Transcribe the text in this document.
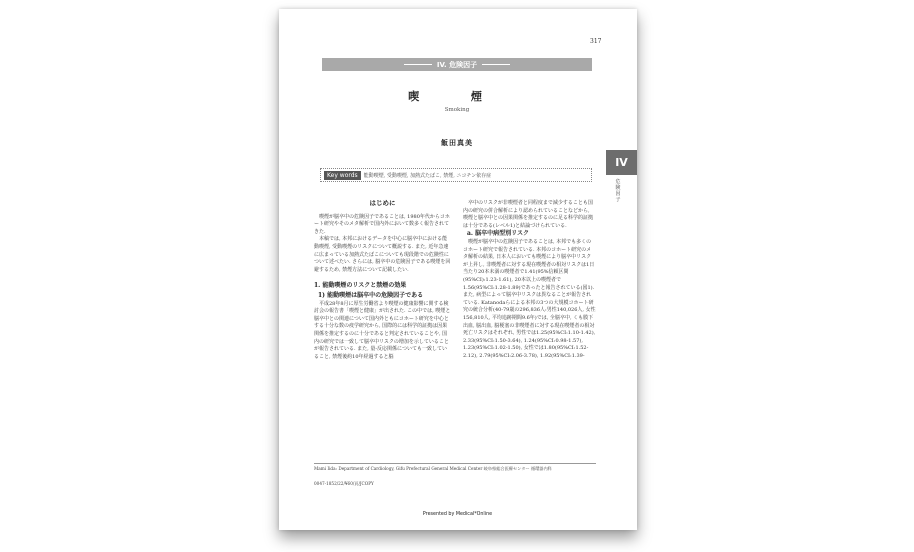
317
IV. 危険因子
喫 煙
Smoking
飯田真美
Key words	能動喫煙, 受動喫煙, 加熱式たばこ, 禁煙, ニコチン依存症
IV
危険因子
はじめに

喫煙が脳卒中の危険因子であることは, 1980年代からコホート研究やそのメタ解析で国内外において数多く報告されてきた.

本稿では, 本邦におけるデータを中心に脳卒中における能動喫煙, 受動喫煙のリスクについて概説する. また, 近年急速に広まっている加熱式たばこについても現段階での危険性について述べたい. さらには, 脳卒中の危険因子である喫煙を回避するため, 禁煙方法について記載したい.

1. 能動喫煙のリスクと禁煙の効果
1) 能動喫煙は脳卒中の危険因子である

平成28年8月に厚生労働省より喫煙の健康影響に関する検討会の報告書「喫煙と健康」が出された. この中では, 喫煙と脳卒中との関連について国内外ともにコホート研究を中心とする十分な数の疫学研究から, 国際的には科学的証拠は因果関係を推定するのに十分であると判定されていることや, 国内の研究では一致して脳卒中リスクの増加を示していることが報告されている. また, 量-反応関係についても一致していること, 禁煙後約10年経過すると脳

卒中のリスクが非喫煙者と同程度まで減少することも国内の研究の併合解析により認められていることなどから, 喫煙と脳卒中との因果関係を推定するのに足る科学的証拠は十分である(レベル1)と結論づけられている.

a. 脳卒中病型別リスク

喫煙が脳卒中の危険因子であることは, 本邦でも多くのコホート研究で報告されている. 本邦のコホート研究のメタ解析の結果, 日本人においても喫煙により脳卒中リスクが上昇し, 非喫煙者に対する現在喫煙者の相対リスクは1日当たり20本未満の喫煙者で1.41(95%信頼区間(95%CI):1.23-1.61), 20本以上の喫煙者で1.56(95%CI:1.28-1.89)であったと報告されている(図1). また, 病型によって脳卒中リスクは異なることが報告されている. Katanodaらによる本邦の3つの大規模コホート研究の統合分析(40-79歳の296,836人:男性140,026人, 女性156,810人, 平均追跡期間9.6年)では, 全脳卒中, くも膜下出血, 脳出血, 脳梗塞の非喫煙者に対する現在喫煙者の相対死亡リスクはそれぞれ, 男性では1.25(95%CI:1.10-1.42), 2.33(95%CI:1.50-3.64), 1.24(95%CI:0.98-1.57), 1.23(95%CI:1.02-1.50), 女性では1.80(95%CI:1.52-2.12), 2.79(95%CI:2.06-3.78), 1.92(95%CI:1.39-

Mami Iida: Department of Cardiology, Gifu Prefectural General Medical Center 岐阜県総合医療センター 循環器内科
0047-1852/22/¥60/頁/JCOPY
Presented by Medical*Online
